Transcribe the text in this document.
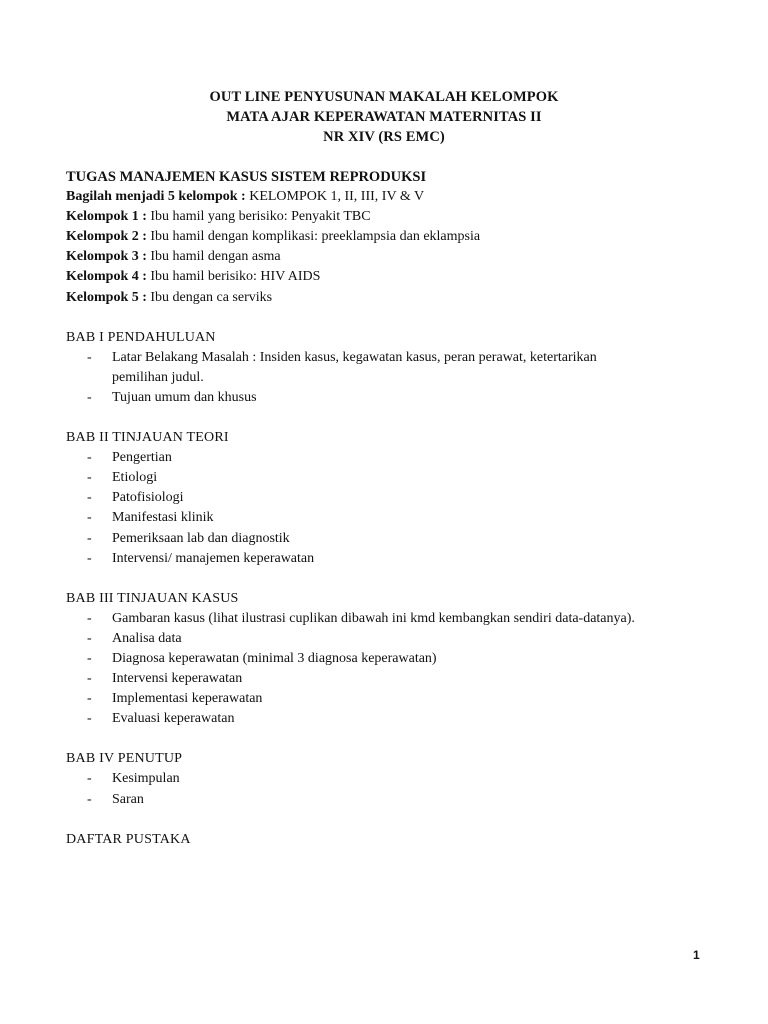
OUT LINE PENYUSUNAN MAKALAH KELOMPOK
MATA AJAR KEPERAWATAN MATERNITAS II
NR XIV (RS EMC)
TUGAS MANAJEMEN KASUS SISTEM REPRODUKSI
Bagilah menjadi 5 kelompok : KELOMPOK 1, II, III, IV & V
Kelompok 1 : Ibu hamil yang berisiko: Penyakit TBC
Kelompok 2 : Ibu hamil dengan komplikasi: preeklampsia dan eklampsia
Kelompok 3 : Ibu hamil dengan asma
Kelompok 4 : Ibu hamil berisiko: HIV AIDS
Kelompok 5 : Ibu dengan ca serviks
BAB I PENDAHULUAN
- Latar Belakang Masalah : Insiden kasus, kegawatan kasus, peran perawat, ketertarikan
pemilihan judul.
- Tujuan umum dan khusus
BAB II TINJAUAN TEORI
- Pengertian
- Etiologi
- Patofisiologi
- Manifestasi klinik
- Pemeriksaan lab dan diagnostik
- Intervensi/ manajemen keperawatan
BAB III TINJAUAN KASUS
- Gambaran kasus (lihat ilustrasi cuplikan dibawah ini kmd kembangkan sendiri data-datanya).
- Analisa data
- Diagnosa keperawatan (minimal 3 diagnosa keperawatan)
- Intervensi keperawatan
- Implementasi keperawatan
- Evaluasi keperawatan
BAB IV PENUTUP
- Kesimpulan
- Saran
DAFTAR PUSTAKA
1
